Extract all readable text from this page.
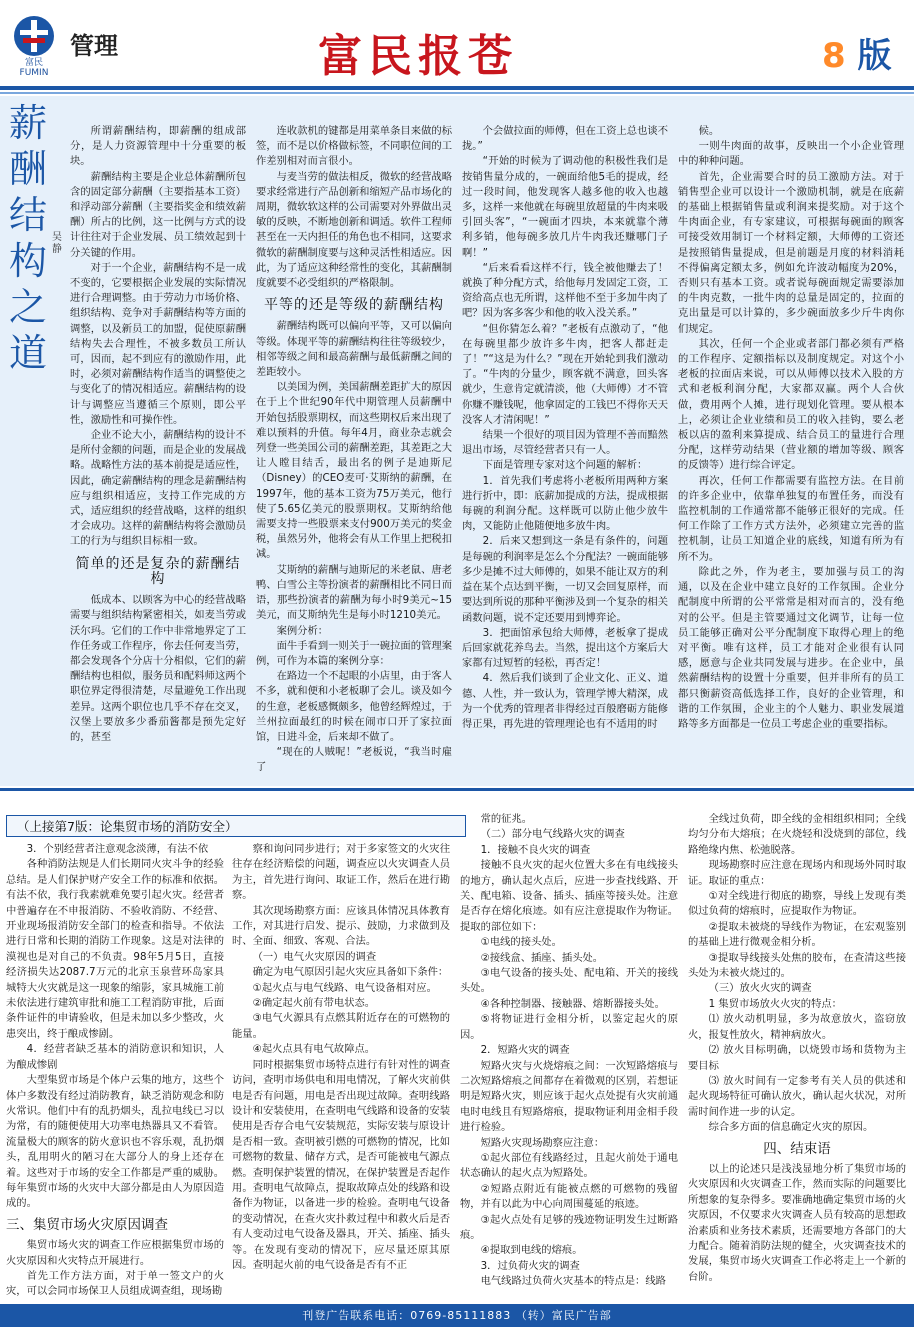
富民
FUMIN
管理	富民报苍	8 版
薪酬结构之道
吴静

所谓薪酬结构，即薪酬的组成部分，是人力资源管理中十分重要的板块。

薪酬结构主要是企业总体薪酬所包含的固定部分薪酬（主要指基本工资）和浮动部分薪酬（主要指奖金和绩效薪酬）所占的比例，这一比例与方式的设计往往对于企业发展、员工绩效起到十分关键的作用。

对于一个企业，薪酬结构不是一成不变的，它要根据企业发展的实际情况进行合理调整。由于劳动力市场价格、组织结构、竞争对手薪酬结构等方面的调整，以及新员工的加盟，促使原薪酬结构失去合理性，不被多数员工所认可，因而，起不到应有的激励作用，此时，必须对薪酬结构作适当的调整使之与变化了的情况相适应。薪酬结构的设计与调整应当遵循三个原则，即公平性，激励性和可操作性。

企业不论大小，薪酬结构的设计不是所付金额的问题，而是企业的发展战略。战略性方法的基本前提是适应性，因此，确定薪酬结构的理念是薪酬结构应与组织相适应，支持工作完成的方式，适应组织的经营战略，这样的组织才会成功。这样的薪酬结构将会激励员工的行为与组织目标相一致。

简单的还是复杂的薪酬结构

低成本、以顾客为中心的经营战略需要与组织结构紧密相关，如麦当劳或沃尔玛。它们的工作中非常地界定了工作任务或工作程序，你去任何麦当劳，都会发现各个分店十分相似，它们的薪酬结构也相似，服务员和配料师这两个职位界定得很清楚，尽量避免工作出现差异。这两个职位也几乎不存在交叉，汉堡上要放多少番茄酱都是预先定好的，甚至

连收款机的键都是用菜单条目来做的标签，而不是以价格做标签，不同职位间的工作差别相对而言很小。

与麦当劳的做法相反，微软的经营战略要求经常进行产品创新和缩短产品市场化的周期，微软软这样的公司需要对外界做出灵敏的反映，不断地创新和调适。软件工程师甚至在一天内担任的角色也不相同，这要求微软的薪酬制度要与这种灵活性相适应。因此，为了适应这种经常性的变化，其薪酬制度就要不必受组织的严格限制。

平等的还是等级的薪酬结构

薪酬结构既可以偏向平等，又可以偏向等级。体现平等的薪酬结构往往等级较少，相邻等级之间和最高薪酬与最低薪酬之间的差距较小。

以美国为例，美国薪酬差距扩大的原因在于上个世纪90年代中期管理人员薪酬中开始包括股票期权，而这些期权后来出现了难以预料的升值。每年4月，商业杂志就会列登一些美国公司的薪酬差距，其差距之大让人瞠目结舌，最出名的例子是迪斯尼（Disney）的CEO麦可·艾斯纳的薪酬，在1997年，他的基本工资为75万美元，他行使了5.65亿美元的股票期权。艾斯纳给他需要支持一些股票来支付900万美元的奖金税，虽然另外，他将会有从工作里上把税扣减。

艾斯纳的薪酬与迪斯尼的米老鼠、唐老鸭、白雪公主等扮演者的薪酬相比不同日而语，那些扮演者的薪酬为每小时9美元~15美元，而艾斯纳先生是每小时1210美元。

案例分析：

面牛手看到一则关于一碗拉面的管理案例，可作为本篇的案例分享：

在路边一个不起眼的小店里，由于客人不多，就和便和小老板聊了会儿。谈及如今的生意，老板感慨颇多，他曾经辉煌过，于兰州拉面最红的时候在闹市口开了家拉面馆，日进斗金，后来却不做了。

“现在的人贼呢！”老板说，“我当时雇了

个会做拉面的师傅，但在工资上总也谈不拢。”

“开始的时候为了调动他的积极性我们是按销售量分成的，一碗面给他5毛的提成，经过一段时间，他发现客人越多他的收入也越多，这样一来他就在每碗里放超量的牛肉来吸引回头客”，“一碗面才四块，本来就靠个薄利多销，他每碗多放几片牛肉我还赚哪门子啊！”

“后来看看这样不行，钱全被他赚去了！就换了种分配方式，给他每月发固定工资，工资给高点也无所谓，这样他不至于多加牛肉了吧？因为客多客少和他的收入没关系。”

“但你猜怎么着？”老板有点激动了，“他在每碗里都少放许多牛肉，把客人都赶走了！”“这是为什么？”现在开始轮到我们激动了。“牛肉的分量少，顾客就不满意，回头客就少，生意肯定就清淡，他（大师傅）才不管你赚不赚钱呢，他拿固定的工钱巴不得你天天没客人才清闲呢！”

结果一个很好的项目因为管理不善而黯然退出市场，尽管经营者只有一人。

下面是管理专家对这个问题的解析：

1．首先我们考虑将小老板所用两种方案进行折中，即：底薪加提成的方法，提成根据每碗的利润分配。这样既可以防止他少放牛肉，又能防止他随便地多放牛肉。

2．后来又想到这一条是有条件的，问题是每碗的利润率是怎么个分配法？一碗面能够多少是摊不过大师傅的，如果不能让双方的利益在某个点达到平衡，一切又会回复原样，而要达到所说的那种平衡涉及到一个复杂的相关函数问题，说不定还要用到博弈论。

3．把面馆承包给大师傅，老板拿了提成后回家就花养鸟去。当然，提出这个方案后大家都有过短暂的轻松，再否定！

4．然后我们谈到了企业文化、正义、道德、人性，并一致认为，管理学博大精深，成为一个优秀的管理者非得经过百般磨砺方能修得正果，再先进的管理理论也有不适用的时

候。

一则牛肉面的故事，反映出一个小企业管理中的种种问题。

首先，企业需要合时的员工激励方法。对于销售型企业可以设计一个激励机制，就是在底薪的基础上根据销售量或利润来提奖励。对于这个牛肉面企业，有专家建议，可根据每碗面的顾客可接受效用制订一个材料定额，大师傅的工资还是按照销售量提成，但是前题是月度的材料消耗不得偏离定额太多，例如允许波动幅度为20%，否则只有基本工资。或者说每碗面规定需要添加的牛肉克数，一批牛肉的总量是固定的，拉面的克出量是可以计算的，多少碗面放多少斤牛肉你们规定。

其次，任何一个企业或者部门都必须有严格的工作程序、定额指标以及制度规定。对这个小老板的拉面店来说，可以从师傅以技术入股的方式和老板利润分配，大家都双赢。两个人合伙做，费用两个人摊，进行现划化管理。要从根本上，必须让企业业绩和员工的收入挂钩，要么老板以店的盈利来算提成、结合员工的量进行合理分配，这样劳动结果（营业额的增加等级、顾客的反馈等）进行综合评定。

再次，任何工作都需要有监控方法。在目前的许多企业中，依靠单独复的布置任务，而没有监控机制的工作通常都不能够正很好的完成。任何工作除了工作方式方法外，必须建立完善的监控机制，让员工知道企业的底线，知道有所为有所不为。

除此之外，作为老主，要加强与员工的沟通，以及在企业中建立良好的工作氛围。企业分配制度中所谓的公平常常是相对而言的，没有绝对的公平。但是主管要通过文化调节，让每一位员工能够正确对公平分配制度下取得心理上的绝对平衡。唯有这样，员工才能对企业很有认同感，愿意与企业共同发展与进步。在企业中，虽然薪酬结构的设置十分重要，但并非所有的员工都只衡薪资高低选择工作，良好的企业管理，和谐的工作氛围，企业主的个人魅力、职业发展道路等多方面都是一位员工考虑企业的重要指标。

（上接第7版：论集贸市场的消防安全）

3．个别经营者注意观念淡薄，有法不依

各种消防法规是人们长期同火灾斗争的经验总结。是人们保护财产安全工作的标准和依据。有法不依，我行我素就难免要引起火灾。经营者中普遍存在不申报消防、不验收消防、不经营、开业现场报消防安全部门的检查和指导。不依法进行日常和长期的消防工作现象。这是对法律的漠视也是对自己的不负责。98年5月5日，直接经济损失达2087.7万元的北京玉泉营环岛家具城特大火灾就是这一现象的缩影，家具城施工前未依法进行建筑审批和施工工程消防审批，后面条件证件的申请验收，但是未加以多少整改，火患突出，终于酿成惨剧。

4．经营者缺乏基本的消防意识和知识，人为酿成惨剧

大型集贸市场是个体户云集的地方，这些个体户多数没有经过消防教育，缺乏消防观念和防火常识。他们中有的乱扔烟头，乱拉电线已习以为常，有的随便使用大功率电热器具又不看管。流量极大的顾客的防火意识也不容乐观，乱扔烟头，乱用明火的陋习在大部分人的身上还存在着。这些对于市场的安全工作都是严重的威胁。每年集贸市场的火灾中大部分都是由人为原因造成的。

三、集贸市场火灾原因调查

集贸市场火灾的调查工作应根据集贸市场的火灾原因和火灾特点开展进行。

首先工作方法方面，对于单一签文户的火灾，可以会同市场保卫人员组成调查组，现场勘

察和询问同步进行；对于多家签文的火灾往往存在经济赔偿的问题，调查应以火灾调查人员为主，首先进行询问、取证工作，然后在进行勘察。

其次现场勘察方面：应该具体情况具体教育工作，对其进行启发、提示、鼓励，力求做到及时、全面、细致、客观、合法。

（一）电气火灾原因的调查

确定为电气原因引起火灾应具备如下条件：

①起火点与电气线路、电气设备相对应。

②确定起火前有带电状态。

③电气火源具有点燃其附近存在的可燃物的能量。

④起火点具有电气故障点。

同时根据集贸市场特点进行有针对性的调查访问，查明市场供电和用电情况，了解火灾前供电是否有问题，用电是否出现过故障。查明线路设计和安装使用，在查明电气线路和设备的安装使用是否存合电气安装规范，实际安装与原设计是否相一致。查明被引燃的可燃物的情况，比如可燃物的数量、储存方式，是否可能被电气源点燃。查明保护装置的情况，在保护装置是否起作用。查明电气故障点，提取故障点处的线路和设备作为物证，以备进一步的检验。查明电气设备的变动情况，在查火灾扑救过程中和救火后是否有人变动过电气设备及器具，开关、插座、插头等。在发现有变动的情况下，应尽量还原其原因。查明起火前的电气设备是否有不正

常的征兆。

（二）部分电气线路火灾的调查

1．接触不良火灾的调查

接触不良火灾的起火位置大多在有电线接头的地方，确认起火点后，应进一步查找线路、开关、配电箱、设备、插头、插座等接头处。注意是否存在熔化痕迹。如有应注意提取作为物证。提取的部位如下：

①电线的接头处。

②接线盒、插座、插头处。

③电气设备的接头处、配电箱、开关的接线头处。

④各种控制器、接触器、熔断器接头处。

⑤将物证进行金相分析，以鉴定起火的原因。

2．短路火灾的调查

短路火灾与火烧熔痕之间：一次短路熔痕与二次短路熔痕之间都存在着微观的区别，若想证明是短路火灾，则应该于起火点处提有火灾前通电时电线且有短路熔痕，提取物证利用金相手段进行检验。

短路火灾现场勘察应注意：

①起火部位有线路经过，且起火前处于通电状态确认的起火点为短路处。

②短路点附近有能被点燃的可燃物的残留物，并有以此为中心向周围蔓延的痕迹。

③起火点处有足够的残迹物证明发生过断路痕。

④提取到电线的熔痕。

3．过负荷火灾的调查

电气线路过负荷火灾基本的特点是：线路

全线过负荷，即全线的金相组织相同；全线均匀分布大熔痕；在火烧轻和没烧到的部位，线路绝缘内焦、松弛脱落。

现场勘察时应注意在现场内和现场外同时取证。取证的重点：

①对全线进行彻底的勘察，导线上发现有类似过负荷的熔痕时，应提取作为物证。

②提取未被烧的导线作为物证，在宏观鉴别的基础上进行微观金相分析。

③提取导线接头处焦的胶布，在查清这些接头处为未被火烧过的。

（三）放火火灾的调查

1 集贸市场放火火灾的特点：

⑴ 放火动机明显，多为故意放火，盗窃放火，报复性放火，精神病放火。

⑵ 放火目标明确，以烧毁市场和货物为主要目标

⑶ 放火时间有一定参考有关人员的供述和起火现场特征可确认放火，确认起火状况，对所需时间作进一步的认定。

综合多方面的信息确定火灾的原因。

四、结束语

以上的论述只是浅浅显地分析了集贸市场的火灾原因和火灾调查工作，然而实际的问题要比所想象的复杂得多。要准确地确定集贸市场的火灾原因，不仅要求火灾调查人员有较高的思想政治素质和业务技术素质，还需要地方各部门的大力配合。随着消防法规的健全，火灾调查技术的发展，集贸市场火灾调查工作必将走上一个新的台阶。

刊登广告联系电话：0769-85111883 （转）富民广告部
